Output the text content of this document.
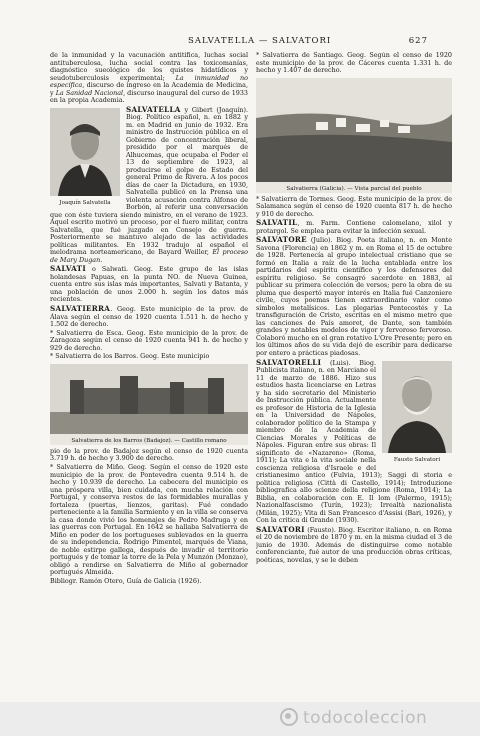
SALVATELLA — SALVATORI	627

de la inmunidad y la vacunación antitífica, luchas social antituberculosa, lucha social contra las toxicomanías, diagnóstico sueológico de los quistes hidatídicos y seudotuberculosis experimental; La inmunidad no específica, discurso de ingreso en la Academia de Medicina, y La Sanidad Nacional, discurso inaugural del curso de 1933 en la propia Academia.

Joaquín Salvatella
SALVATELLA y Gibert (Joaquín). Biog. Político español, n. en 1882 y m. en Madrid en junio de 1932. Era ministro de Instrucción pública en el Gobierno de concentración liberal, presidido por el marqués de Alhucemas, que ocupaba el Poder el 13 de septiembre de 1923, al producirse el golpe de Estado del general Primo de Rivera. A los pocos días de caer la Dictadura, en 1930, Salvatella publicó en la Prensa una violenta acusación contra Alfonso de Borbón, al referir una conversación que con éste tuviera siendo ministro, en el verano de 1923. Aquel escrito motivó un proceso, por el fuero militar, contra Salvatella, que fué juzgado en Consejo de guerra. Posteriormente se mantuvo alejado de las actividades políticas militantes. En 1932 tradujo al español el melodrama norteamericano, de Bayard Weiller, El proceso de Mary Dugan.

SALVATI o Salwati. Geog. Este grupo de las islas holandesas Papuas, en la punta NO. de Nueva Guinea, cuenta entre sus islas más importantes, Salvati y Batanta, y una población de unos 2.000 h. según los datos más recientes.

SALVATIERRA. Geog. Este municipio de la prov. de Álava según el censo de 1920 cuenta 1.511 h. de hecho y 1.502 de derecho.

* Salvatierra de Esca. Geog. Este municipio de la prov. de Zaragoza según el censo de 1920 cuenta 941 h. de hecho y 929 de derecho.

* Salvatierra de los Barros. Geog. Este municipio

Salvatierra de los Barros (Badajoz). — Castillo romano

pio de la prov. de Badajoz según el censo de 1920 cuenta 3.719 h. de hecho y 3.900 de derecho.

* Salvatierra de Miño. Geog. Según el censo de 1920 este municipio de la prov. de Pontevedra cuenta 9.514 h. de hecho y 10.939 de derecho. La cabecera del municipio es una próspera villa, bien cuidada, con mucha relación con Portugal, y conserva restos de las formidables murallas y fortaleza (puertas, lienzos, garitas). Fué condado perteneciente a la familia Sarmiento y en la villa se conserva la casa donde vivió los homenajes de Pedro Madruga y en las guerras con Portugal. En 1642 se hallaba Salvatierra de Miño en poder de los portugueses sublevados en la guerra de su independencia. Rodrigo Pimentel, marqués de Viana, de noble estirpe gallega, después de invadir el territorio portugués y de tomar la torre de la Pela y Munzón (Monzao), obligó a rendirse en Salvatierra de Miño al gobernador portugués Almeida.

Bibliogr. Ramón Otero, Guía de Galicia (1926).

* Salvatierra de Santiago. Geog. Según el censo de 1920 este municipio de la prov. de Cáceres cuenta 1.331 h. de hecho y 1.407 de derecho.

Salvatierra (Galicia). — Vista parcial del pueblo

* Salvatierra de Tormes. Geog. Este municipio de la prov. de Salamanca según el censo de 1920 cuenta 817 h. de hecho y 910 de derecho.

SALVATIL, m. Farm. Contiene calomelano, xilol y protargol. Se emplea para evitar la infección sexual.

SALVATORE (Julio). Biog. Poeta italiano, n. en Monte Savona (Florencia) en 1862 y m. en Roma el 15 de octubre de 1928. Pertenecía al grupo intelectual cristiano que se formó en Italia a raíz de la lucha entablada entre los partidarios del espíritu científico y los defensores del espíritu religioso. Se consagró sacerdote en 1883, al publicar su primera colección de versos; pero la obra de su pluma que despertó mayor interés en Italia fué Canzoniere civile, cuyos poemas tienen extraordinario valor como símbolos metalísicos. Las plegarias Pentecostés y La transfiguración de Cristo, escritas en el mismo metro que las canciones de País amoret, de Dante, son también grandes y notables modelos de vigor y fervoroso fervoroso. Colaboró mucho en el gran rotativo L'Ore Presente; pero en los últimos años de su vida dejó de escribir para dedicarse por entero a prácticas piadosas.

Fausto Salvatori
SALVATORELLI (Luis). Biog. Publicista italiano, n. en Marciano el 11 de marzo de 1886. Hizo sus estudios hasta licenciarse en Letras y ha sido secretario del Ministerio de Instrucción pública. Actualmente es profesor de Historia de la Iglesia en la Universidad de Nápoles, colaborador político de la Stampa y miembro de la Academia de Ciencias Morales y Políticas de Nápoles. Figuran entre sus obras: Il significato de «Nazareno» (Roma, 1911); La vita e la vita sociale nella coscienza religiosa d'Israele e del cristianesimo antico (Fulvia, 1913); Saggi di storia e politica religiosa (Città di Castello, 1914); Introduzione bibliografica allo scienze della religione (Roma, 1914); La Biblia, en colaboración con E. Il lom (Palermo, 1915); Nazionalfascismo (Turín, 1923); Irrealtà nazionalista (Milán, 1925); Vita di San Francesco d'Assisi (Bari, 1926), y Con la critica di Grande (1930).

SALVATORI (Fausto). Biog. Escritor italiano, n. en Roma el 20 de noviembre de 1870 y m. en la misma ciudad el 3 de junio de 1930. Además de distinguirse como notable conferenciante, fué autor de una producción obras críticas, poéticas, novelas, y se le deben

todocoleccion
